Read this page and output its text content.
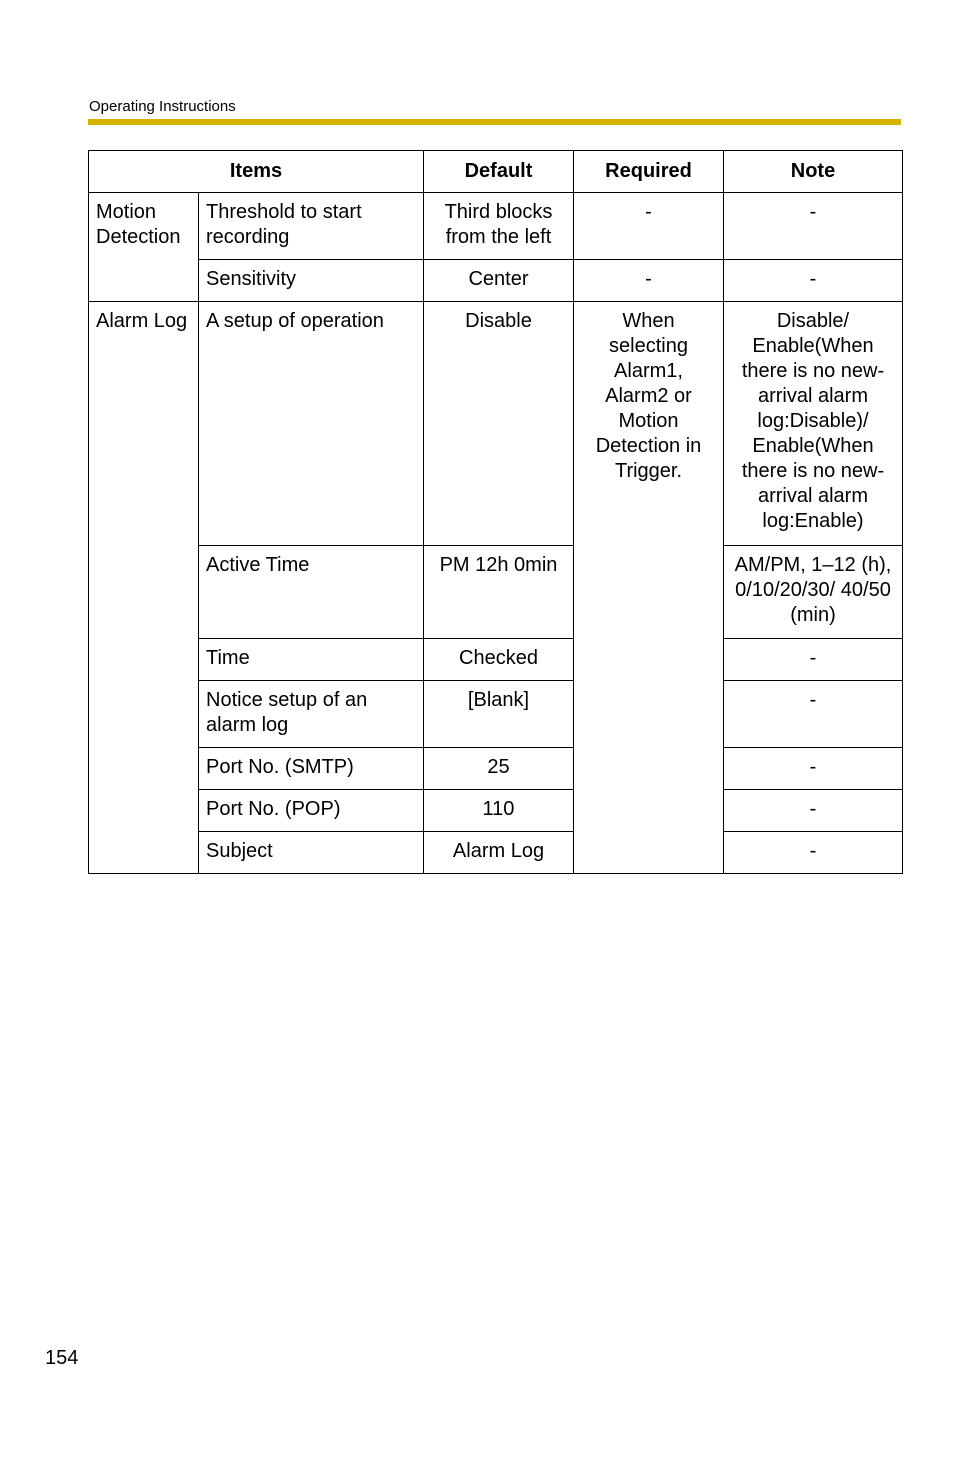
Operating Instructions
Items		Default	Required	Note
Motion Detection	Threshold to start recording	Third blocks from the left	-	-
	Sensitivity	Center	-	-
Alarm Log	A setup of operation	Disable	When selecting Alarm1, Alarm2 or Motion Detection in Trigger.	Disable/ Enable(When there is no new-arrival alarm log:Disable)/ Enable(When there is no new-arrival alarm log:Enable)
	Active Time	PM 12h 0min		AM/PM, 1–12 (h), 0/10/20/30/ 40/50 (min)
	Time	Checked		-
	Notice setup of an alarm log	[Blank]		-
	Port No. (SMTP)	25		-
	Port No. (POP)	110		-
	Subject	Alarm Log		-
154
